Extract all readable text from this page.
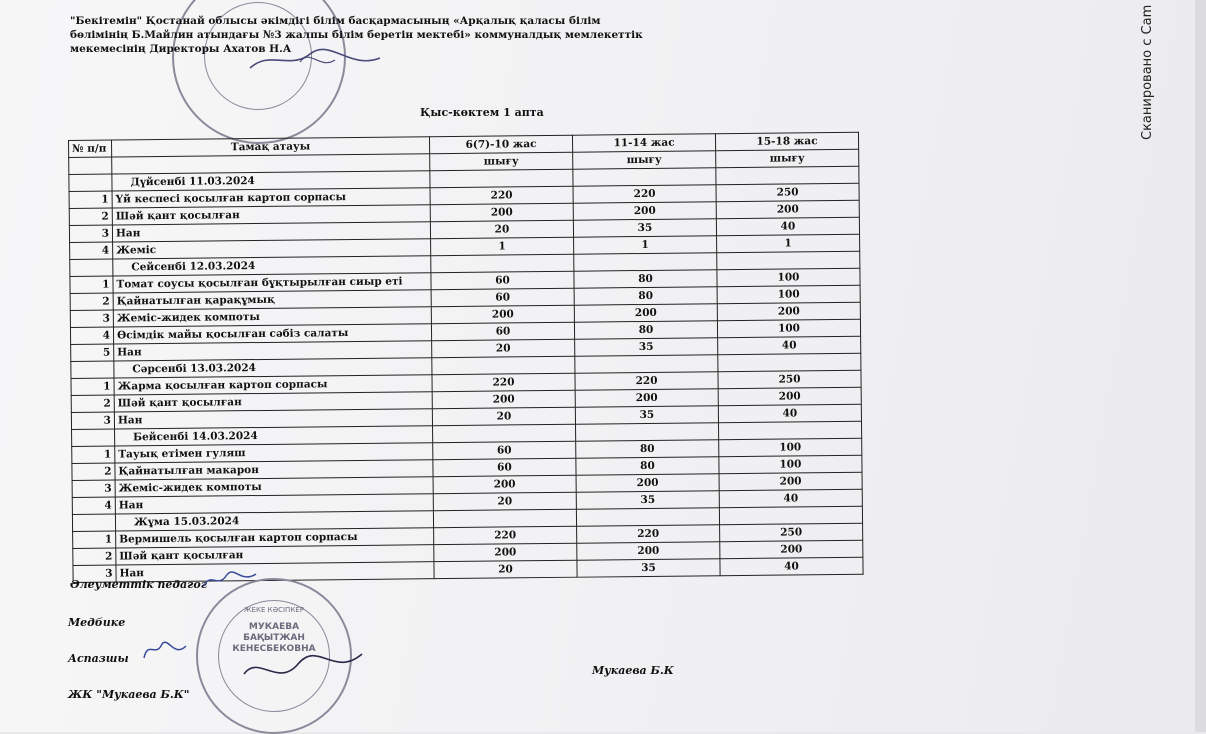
"Бекітемін" Қостанай облысы әкімдігі білім басқармасының «Арқалық қаласы білім
бөлімінің Б.Майлин атындағы №3 жалпы білім беретін мектебі» коммуналдық мемлекеттік
мекемесінің Директоры Ахатов Н.А
Қыс-көктем 1 апта	Сканировано с Cam
№ п/п	Тамақ атауы	6(7)-10 жас	11-14 жас	15-18 жас
		шығу	шығу	шығу
	Дүйсенбі 11.03.2024			
1	Үй кеспесі қосылған картоп сорпасы	220	220	250
2	Шәй қант қосылған	200	200	200
3	Нан	20	35	40
4	Жеміс	1	1	1
	Сейсенбі 12.03.2024			
1	Томат соусы қосылған бұқтырылған сиыр еті	60	80	100
2	Қайнатылған қарақұмық	60	80	100
3	Жеміс-жидек компоты	200	200	200
4	Өсімдік майы қосылған сәбіз салаты	60	80	100
5	Нан	20	35	40
	Сәрсенбі 13.03.2024			
1	Жарма қосылған картоп сорпасы	220	220	250
2	Шәй қант қосылған	200	200	200
3	Нан	20	35	40
	Бейсенбі 14.03.2024			
1	Тауық етімен гуляш	60	80	100
2	Қайнатылған макарон	60	80	100
3	Жеміс-жидек компоты	200	200	200
4	Нан	20	35	40
	Жұма 15.03.2024			
1	Вермишель қосылған картоп сорпасы	220	220	250
2	Шәй қант қосылған	200	200	200
3	Нан	20	35	40
МУКАЕВА БАҚЫТЖАН КЕНЕСБЕКОВНА
ЖЕКЕ КӘСІПКЕР
Әлеуметтік педагог
Медбике
Аспазшы
ЖК "Мукаева Б.К"
Мукаева Б.К
